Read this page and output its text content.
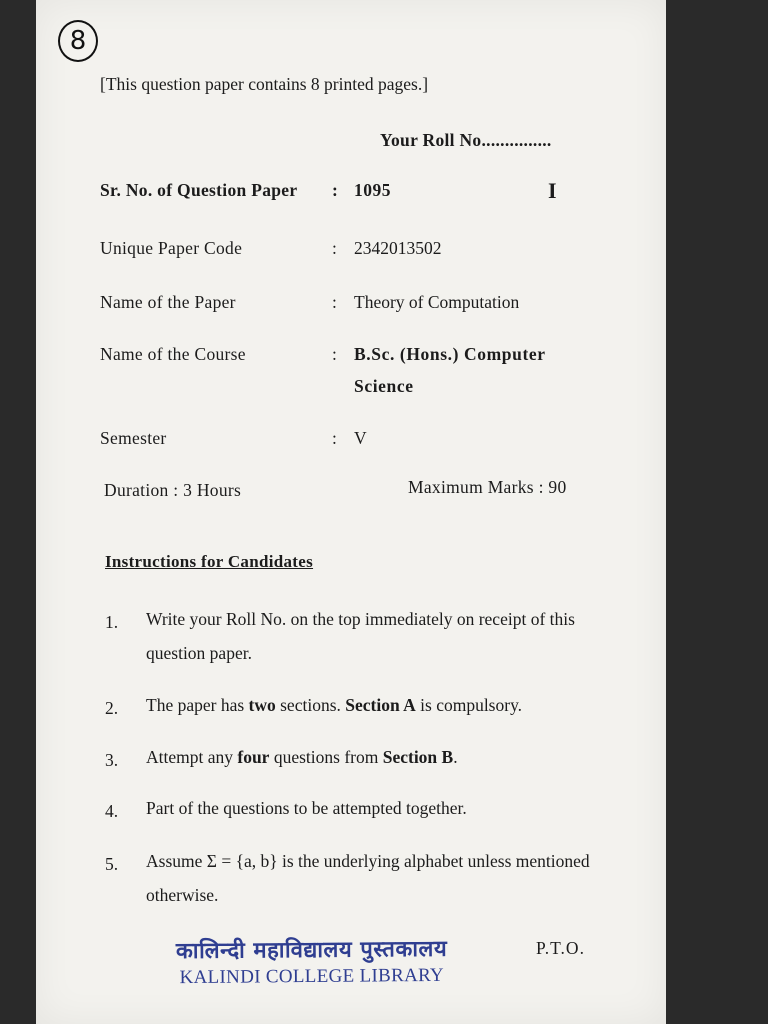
8
[This question paper contains 8 printed pages.]
Your Roll No...............
Sr. No. of Question Paper : 1095	I
Unique Paper Code	: 2342013502
Name of the Paper	: Theory of Computation
Name of the Course	: B.Sc. (Hons.) Computer
Science
Semester	: V
Duration : 3 Hours	Maximum Marks : 90
Instructions for Candidates
1. Write your Roll No. on the top immediately on receipt of this question paper.
2. The paper has two sections. Section A is compulsory.
3. Attempt any four questions from Section B.
4. Part of the questions to be attempted together.
5. Assume Σ = {a, b} is the underlying alphabet unless mentioned otherwise.
कालिन्दी महाविद्यालय पुस्तकालय
KALINDI COLLEGE LIBRARY
P.T.O.
